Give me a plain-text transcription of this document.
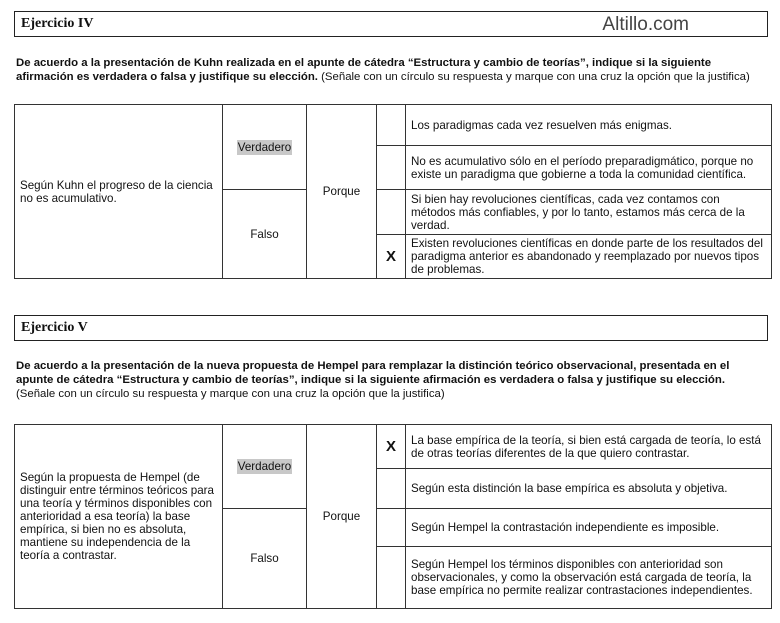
Ejercicio IV	Altillo.com
De acuerdo a la presentación de Kuhn realizada en el apunte de cátedra “Estructura y cambio de teorías”, indique si la siguiente
afirmación es verdadera o falsa y justifique su elección. (Señale con un círculo su respuesta y marque con una cruz la opción que la justifica)
Según Kuhn el progreso de la ciencia no es acumulativo.	Verdadero	Porque		Los paradigmas cada vez resuelven más enigmas.
				No es acumulativo sólo en el período preparadigmático, porque no existe un paradigma que gobierne a toda la comunidad científica.
	Falso			Si bien hay revoluciones científicas, cada vez contamos con métodos más confiables, y por lo tanto, estamos más cerca de la verdad.
			X	Existen revoluciones científicas en donde parte de los resultados del paradigma anterior es abandonado y reemplazado por nuevos tipos de problemas.
Ejercicio V
De acuerdo a la presentación de la nueva propuesta de Hempel para remplazar la distinción teórico observacional, presentada en el
apunte de cátedra “Estructura y cambio de teorías”, indique si la siguiente afirmación es verdadera o falsa y justifique su elección.
(Señale con un círculo su respuesta y marque con una cruz la opción que la justifica)
Según la propuesta de Hempel (de distinguir entre términos teóricos para una teoría y términos disponibles con anterioridad a esa teoría) la base empírica, si bien no es absoluta, mantiene su independencia de la teoría a contrastar.	Verdadero	Porque	X	La base empírica de la teoría, si bien está cargada de teoría, lo está de otras teorías diferentes de la que quiero contrastar.
				Según esta distinción la base empírica es absoluta y objetiva.
	Falso			Según Hempel la contrastación independiente es imposible.
				Según Hempel los términos disponibles con anterioridad son observacionales, y como la observación está cargada de teoría, la base empírica no permite realizar contrastaciones independientes.
